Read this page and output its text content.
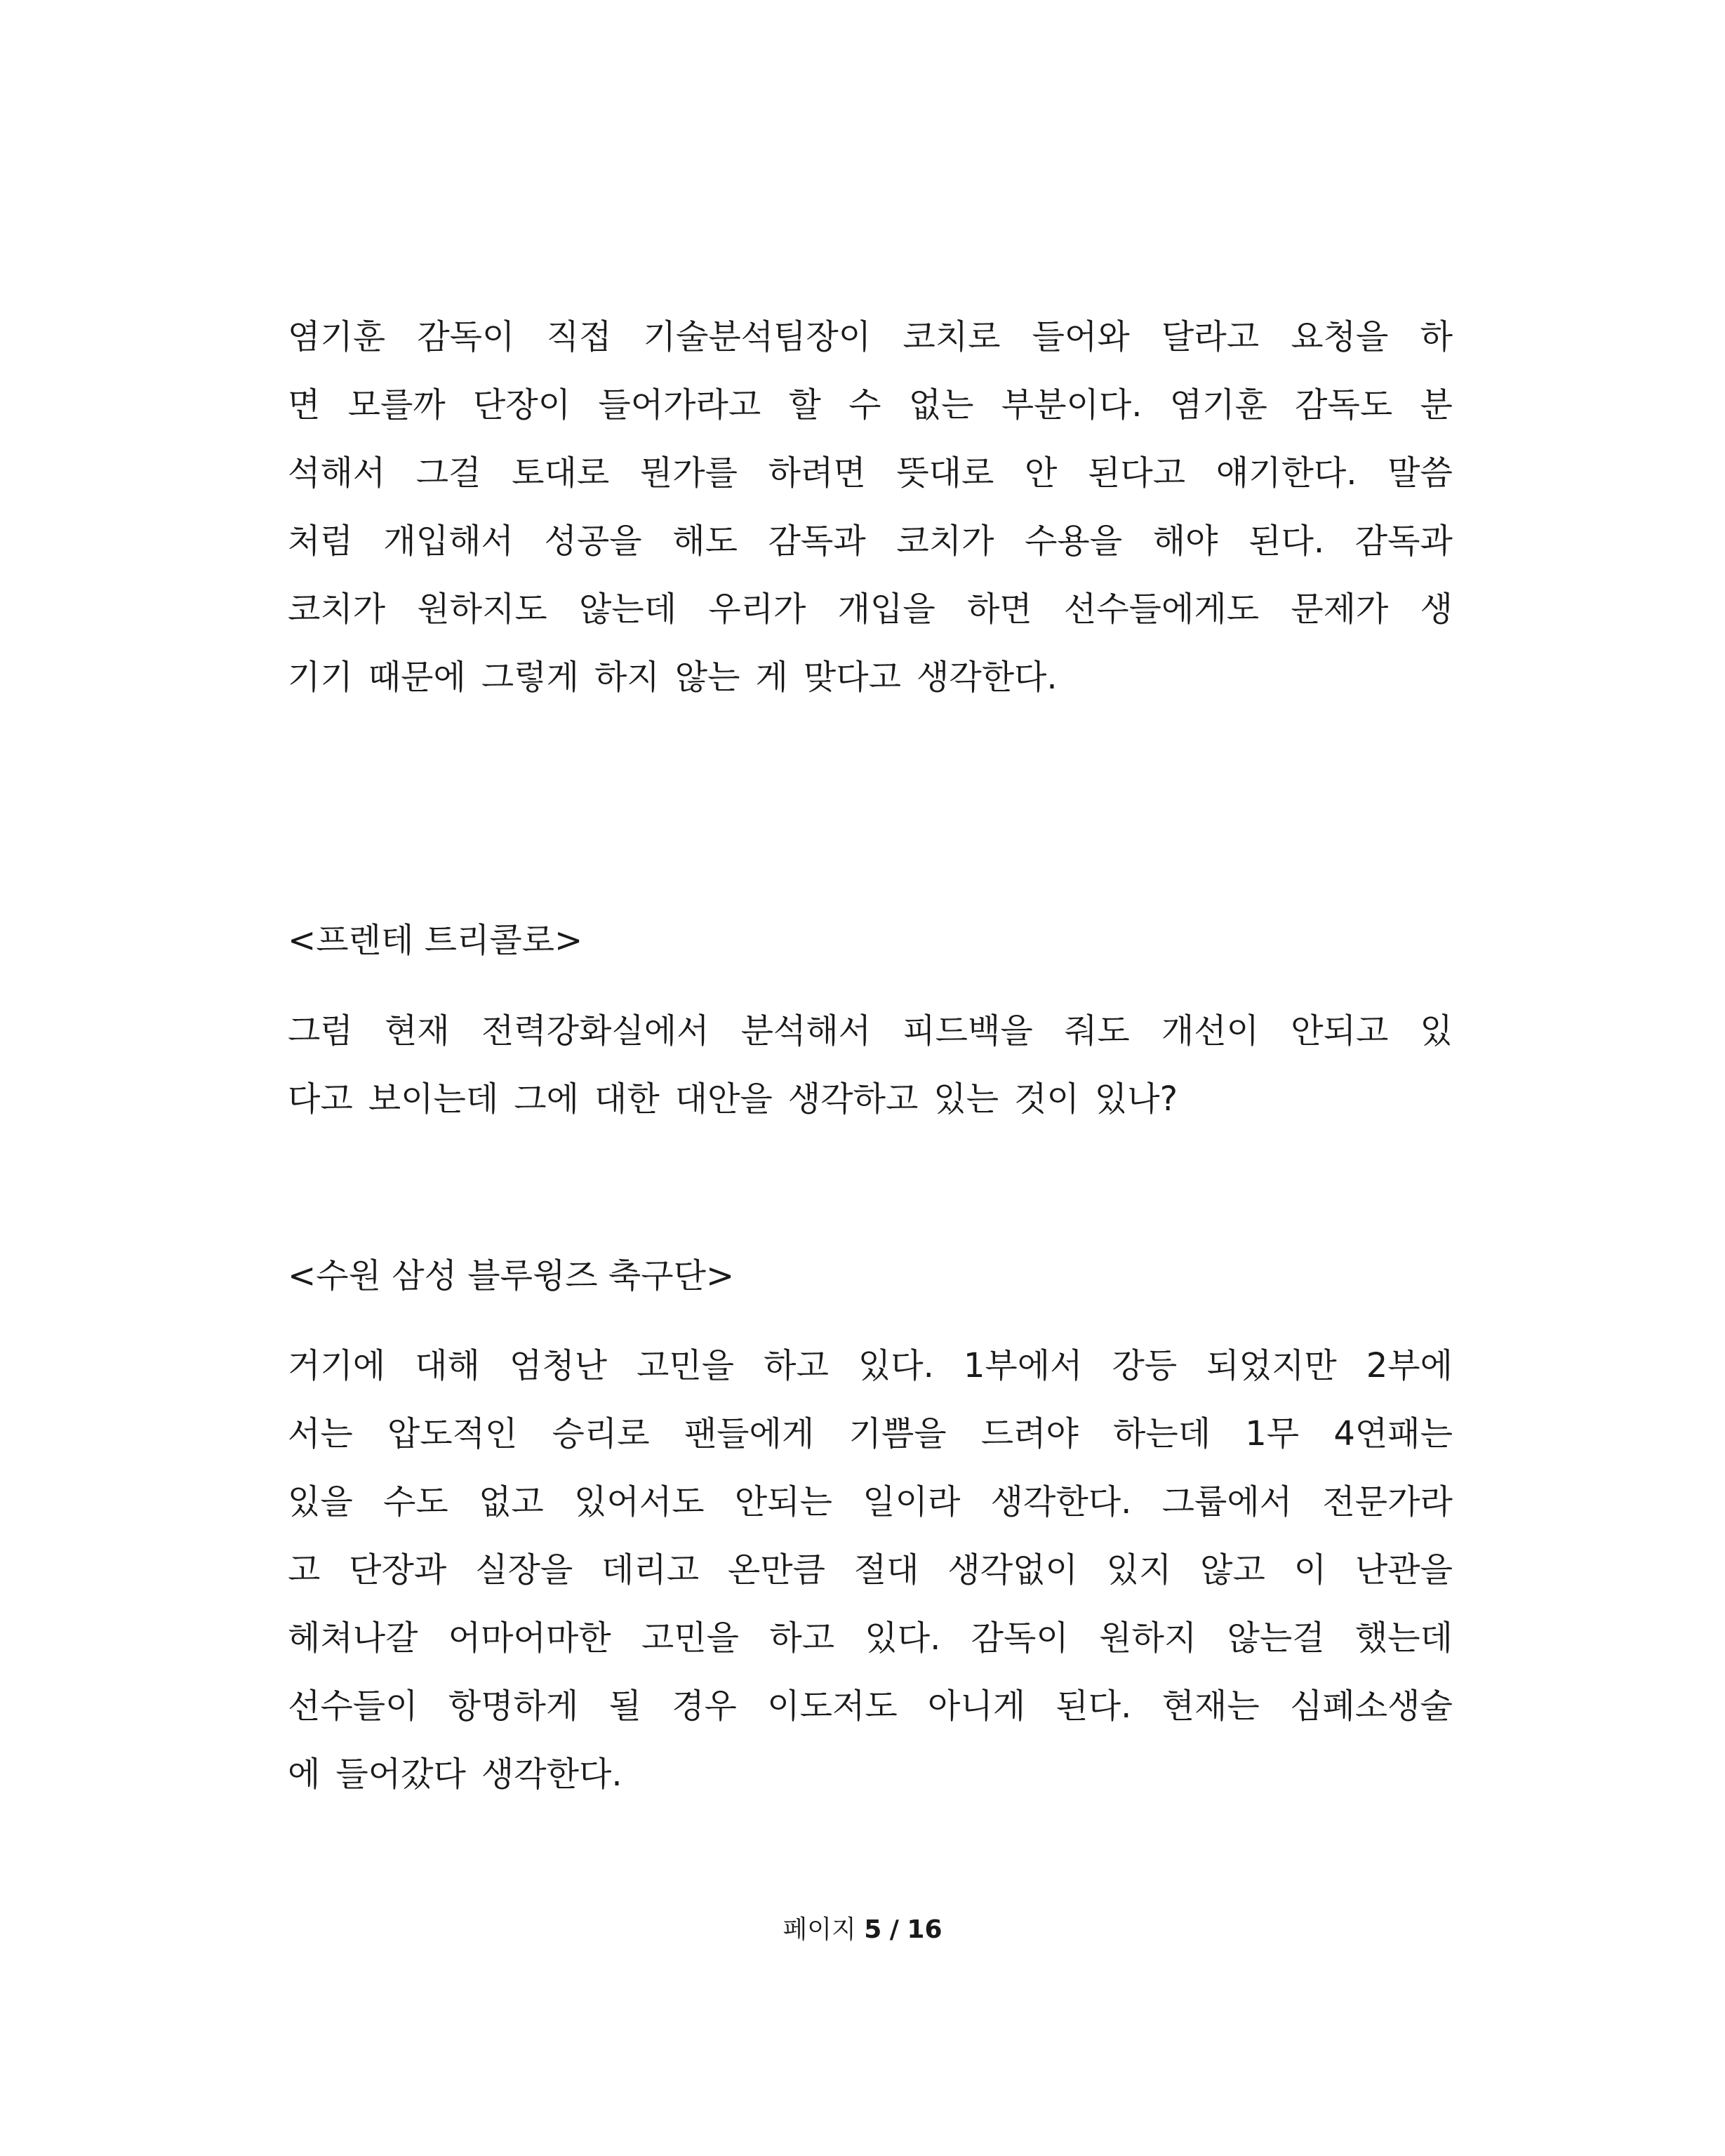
염기훈 감독이 직접 기술분석팀장이 코치로 들어와 달라고 요청을 하
면 모를까 단장이 들어가라고 할 수 없는 부분이다. 염기훈 감독도 분
석해서 그걸 토대로 뭔가를 하려면 뜻대로 안 된다고 얘기한다. 말씀
처럼 개입해서 성공을 해도 감독과 코치가 수용을 해야 된다. 감독과
코치가 원하지도 않는데 우리가 개입을 하면 선수들에게도 문제가 생
기기 때문에 그렇게 하지 않는 게 맞다고 생각한다.
<프렌테 트리콜로>
그럼 현재 전력강화실에서 분석해서 피드백을 줘도 개선이 안되고 있
다고 보이는데 그에 대한 대안을 생각하고 있는 것이 있나?
<수원 삼성 블루윙즈 축구단>
거기에 대해 엄청난 고민을 하고 있다. 1부에서 강등 되었지만 2부에
서는 압도적인 승리로 팬들에게 기쁨을 드려야 하는데 1무 4연패는
있을 수도 없고 있어서도 안되는 일이라 생각한다. 그룹에서 전문가라
고 단장과 실장을 데리고 온만큼 절대 생각없이 있지 않고 이 난관을
헤쳐나갈 어마어마한 고민을 하고 있다. 감독이 원하지 않는걸 했는데
선수들이 항명하게 될 경우 이도저도 아니게 된다. 현재는 심폐소생술
에 들어갔다 생각한다.
페이지 5 / 16
